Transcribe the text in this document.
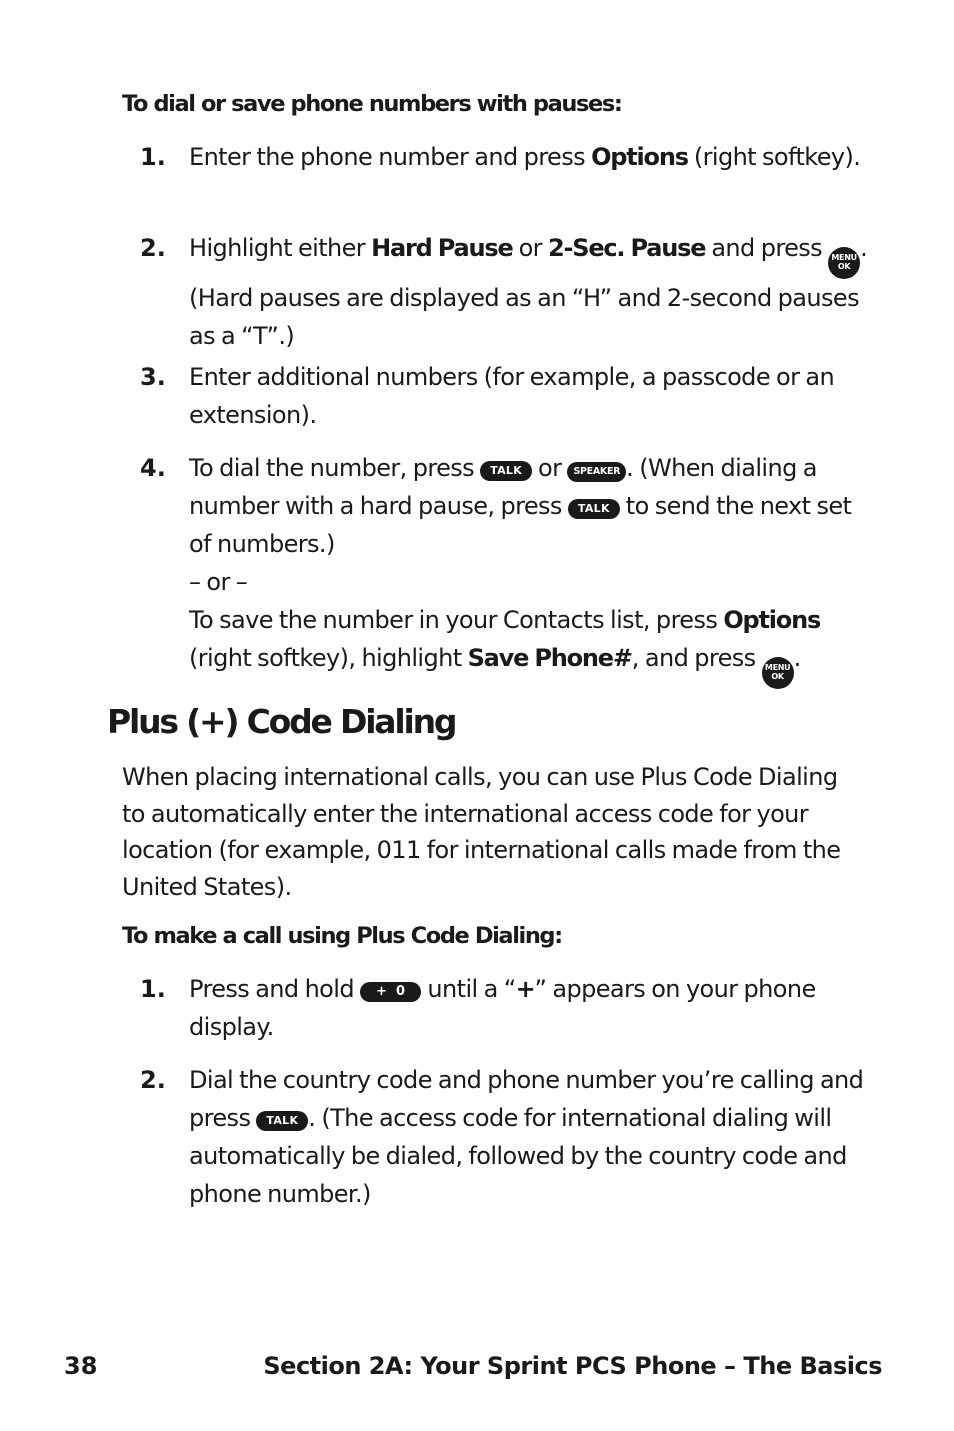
To dial or save phone numbers with pauses:
1. Enter the phone number and press Options (right softkey).
2. Highlight either Hard Pause or 2-Sec. Pause and press MENU
OK
. (Hard pauses are displayed as an “H” and 2-second pauses as a “T”.)
3. Enter additional numbers (for example, a passcode or an extension).
4. To dial the number, press TALK or SPEAKER . (When dialing a number with a hard pause, press TALK to send the next set of numbers.)
– or –
To save the number in your Contacts list, press Options (right softkey), highlight Save Phone#, and press MENU
OK
.
Plus (+) Code Dialing
When placing international calls, you can use Plus Code Dialing to automatically enter the international access code for your location (for example, 011 for international calls made from the United States).
To make a call using Plus Code Dialing:
1. Press and hold + 0 until a “+” appears on your phone display.
2. Dial the country code and phone number you’re calling and press TALK . (The access code for international dialing will automatically be dialed, followed by the country code and phone number.)
38	Section 2A: Your Sprint PCS Phone – The Basics
